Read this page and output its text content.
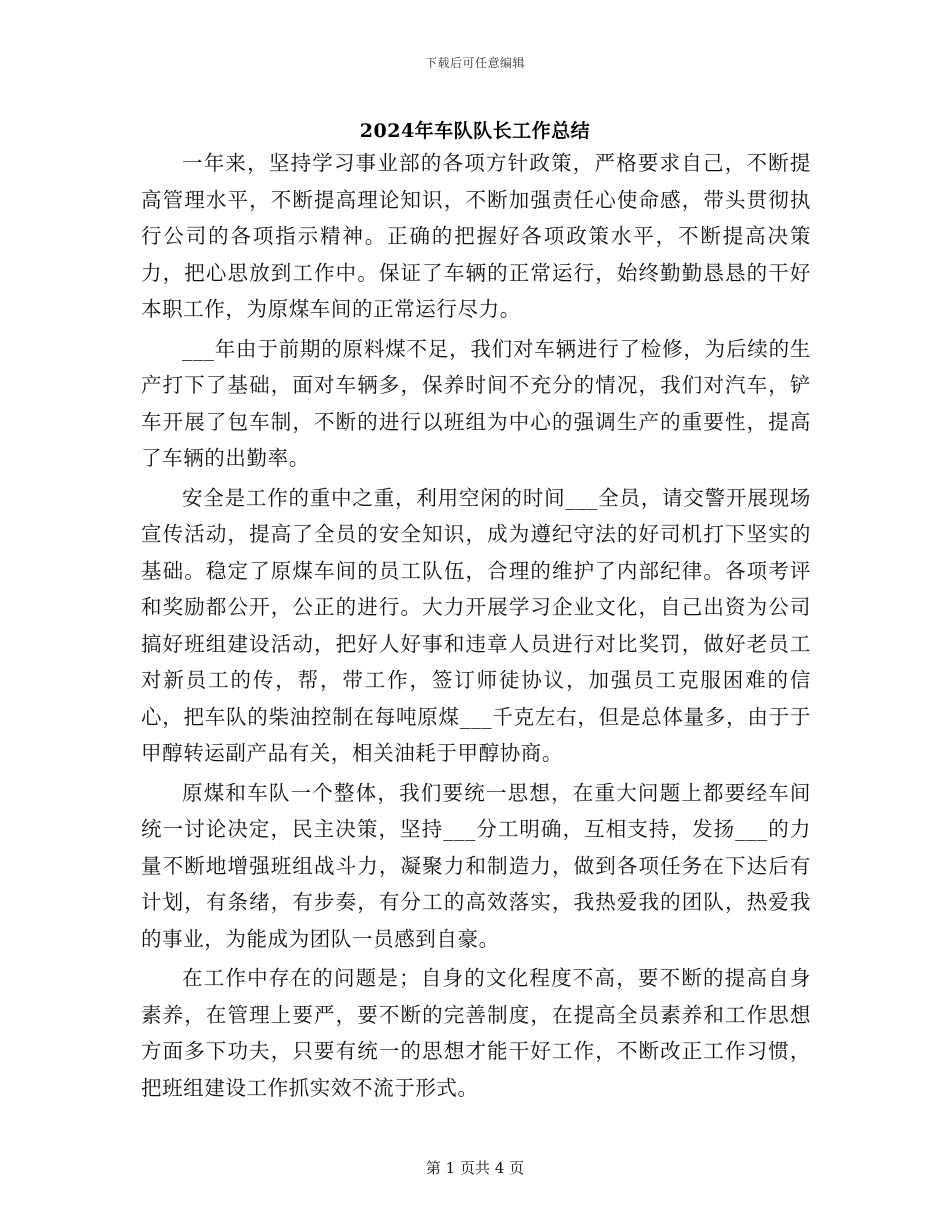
下载后可任意编辑
2024年车队队长工作总结

一年来，坚持学习事业部的各项方针政策，严格要求自己，不断提高管理水平，不断提高理论知识，不断加强责任心使命感，带头贯彻执行公司的各项指示精神。正确的把握好各项政策水平，不断提高决策力，把心思放到工作中。保证了车辆的正常运行，始终勤勤恳恳的干好本职工作，为原煤车间的正常运行尽力。

___年由于前期的原料煤不足，我们对车辆进行了检修，为后续的生产打下了基础，面对车辆多，保养时间不充分的情况，我们对汽车，铲车开展了包车制，不断的进行以班组为中心的强调生产的重要性，提高了车辆的出勤率。

安全是工作的重中之重，利用空闲的时间___全员，请交警开展现场宣传活动，提高了全员的安全知识，成为遵纪守法的好司机打下坚实的基础。稳定了原煤车间的员工队伍，合理的维护了内部纪律。各项考评和奖励都公开，公正的进行。大力开展学习企业文化，自己出资为公司搞好班组建设活动，把好人好事和违章人员进行对比奖罚，做好老员工对新员工的传，帮，带工作，签订师徒协议，加强员工克服困难的信心，把车队的柴油控制在每吨原煤___千克左右，但是总体量多，由于于甲醇转运副产品有关，相关油耗于甲醇协商。

原煤和车队一个整体，我们要统一思想，在重大问题上都要经车间统一讨论决定，民主决策，坚持___分工明确，互相支持，发扬___的力量不断地增强班组战斗力，凝聚力和制造力，做到各项任务在下达后有计划，有条绪，有步奏，有分工的高效落实，我热爱我的团队，热爱我的事业，为能成为团队一员感到自豪。

在工作中存在的问题是；自身的文化程度不高，要不断的提高自身素养，在管理上要严，要不断的完善制度，在提高全员素养和工作思想方面多下功夫，只要有统一的思想才能干好工作，不断改正工作习惯，把班组建设工作抓实效不流于形式。

第 1 页共 4 页
